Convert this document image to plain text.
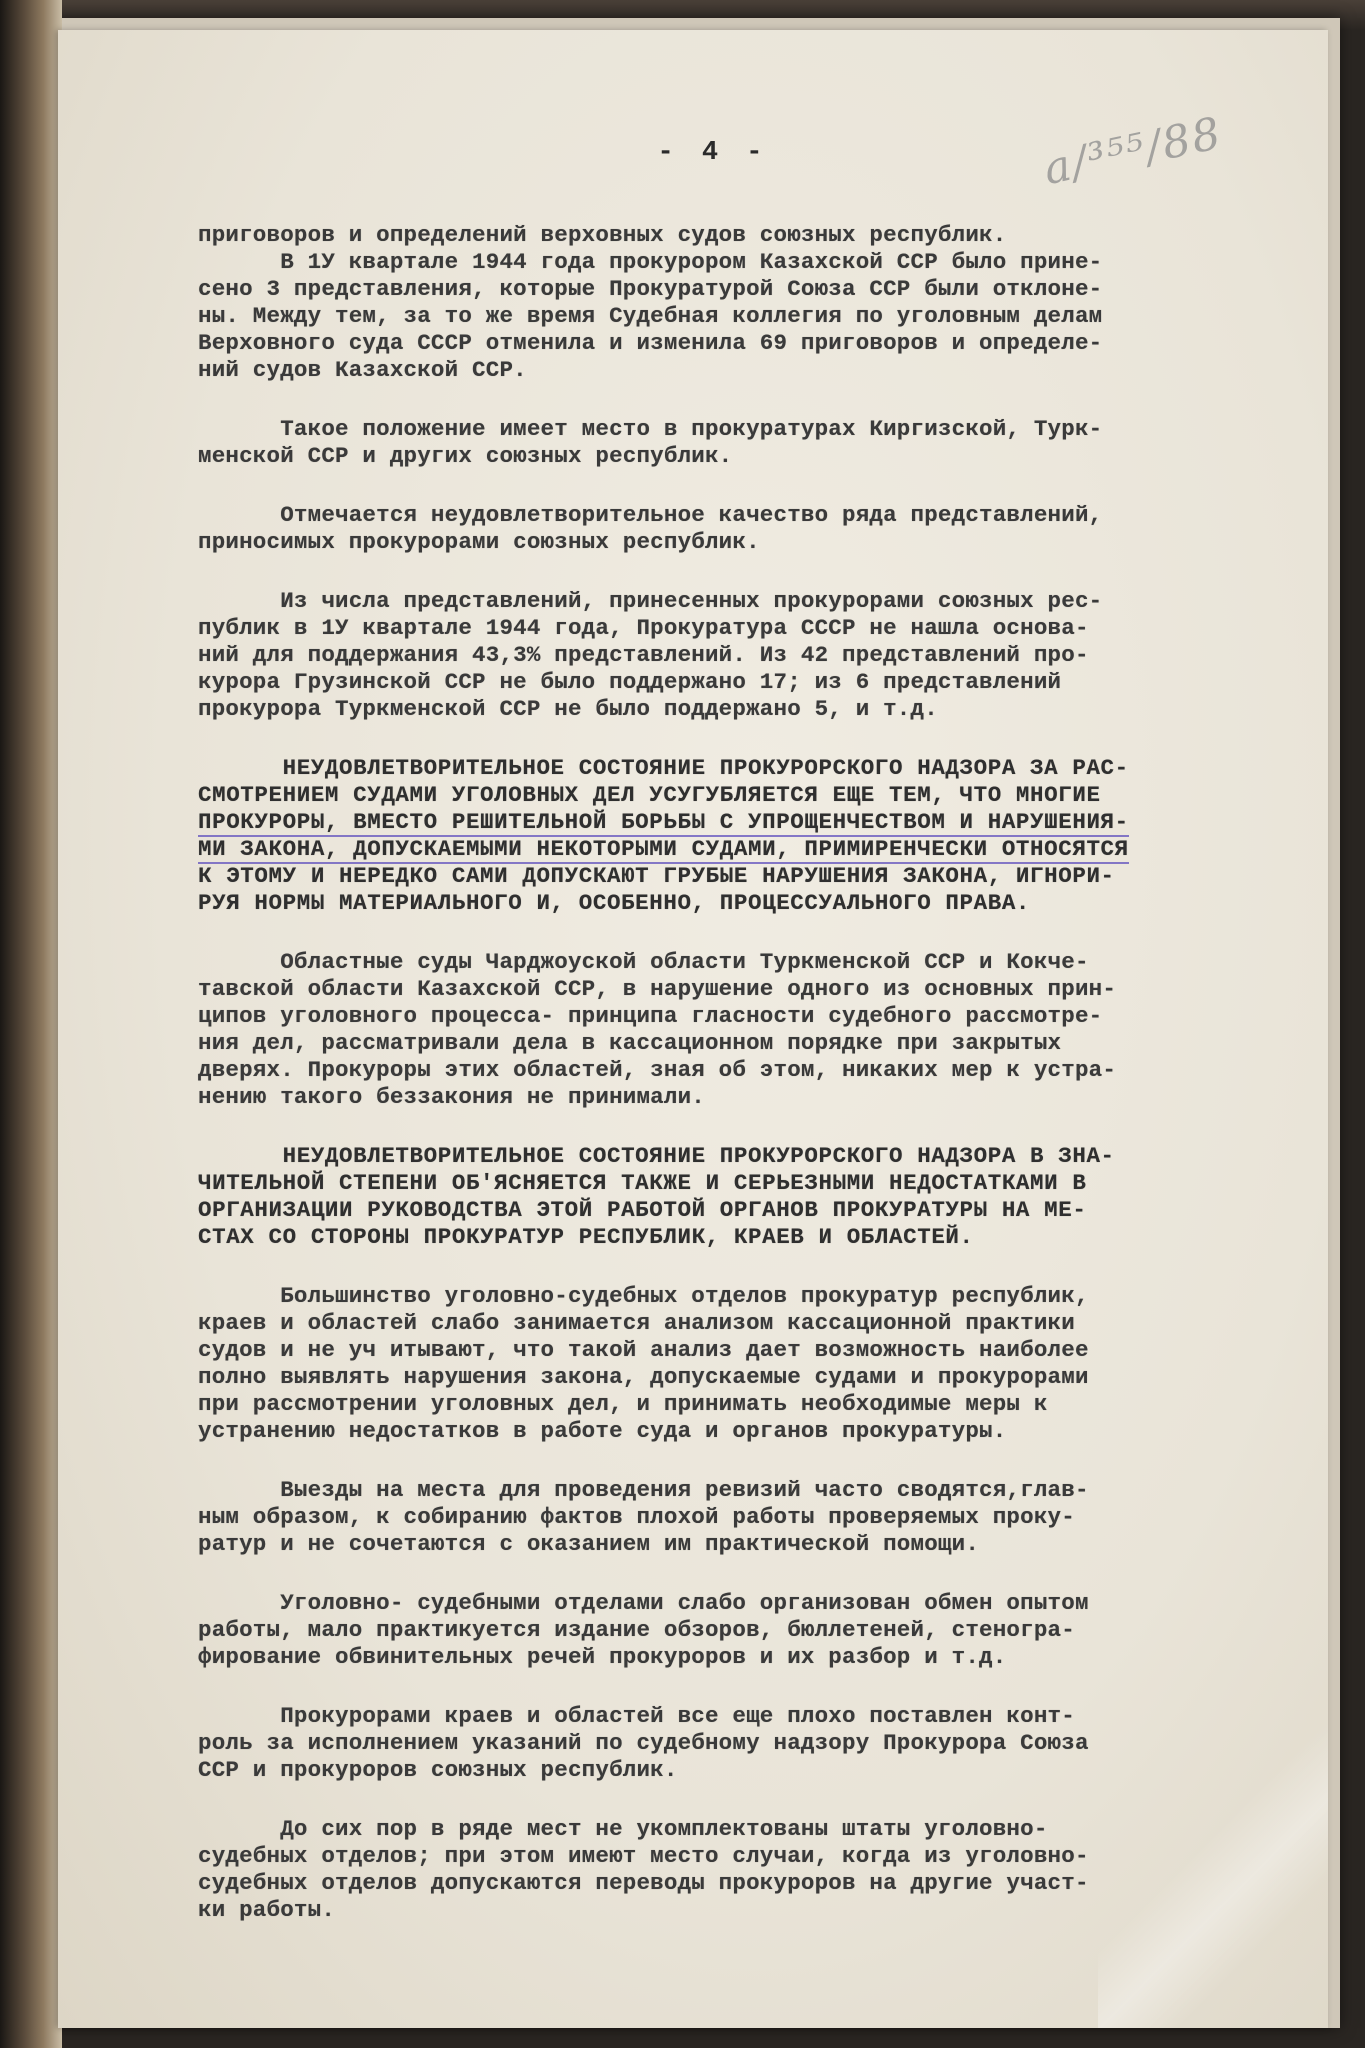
а/³⁵⁵/88
- 4 -
приговоров и определений верховных судов союзных республик.
В 1У квартале 1944 года прокурором Казахской ССР было прине-
сено 3 представления, которые Прокуратурой Союза ССР были отклоне-
ны. Между тем, за то же время Судебная коллегия по уголовным делам
Верховного суда СССР отменила и изменила 69 приговоров и определе-
ний судов Казахской ССР.
Такое положение имеет место в прокуратурах Киргизской, Турк-
менской ССР и других союзных республик.
Отмечается неудовлетворительное качество ряда представлений,
приносимых прокурорами союзных республик.
Из числа представлений, принесенных прокурорами союзных рес-
публик в 1У квартале 1944 года, Прокуратура СССР не нашла основа-
ний для поддержания 43,3% представлений. Из 42 представлений про-
курора Грузинской ССР не было поддержано 17; из 6 представлений
прокурора Туркменской ССР не было поддержано 5, и т.д.
НЕУДОВЛЕТВОРИТЕЛЬНОЕ СОСТОЯНИЕ ПРОКУРОРСКОГО НАДЗОРА ЗА РАС-
СМОТРЕНИЕМ СУДАМИ УГОЛОВНЫХ ДЕЛ УСУГУБЛЯЕТСЯ ЕЩЕ ТЕМ, ЧТО МНОГИЕ
ПРОКУРОРЫ, ВМЕСТО РЕШИТЕЛЬНОЙ БОРЬБЫ С УПРОЩЕНЧЕСТВОМ И НАРУШЕНИЯ-
МИ ЗАКОНА, ДОПУСКАЕМЫМИ НЕКОТОРЫМИ СУДАМИ, ПРИМИРЕНЧЕСКИ ОТНОСЯТСЯ
К ЭТОМУ И НЕРЕДКО САМИ ДОПУСКАЮТ ГРУБЫЕ НАРУШЕНИЯ ЗАКОНА, ИГНОРИ-
РУЯ НОРМЫ МАТЕРИАЛЬНОГО И, ОСОБЕННО, ПРОЦЕССУАЛЬНОГО ПРАВА.
Областные суды Чарджоуской области Туркменской ССР и Кокче-
тавской области Казахской ССР, в нарушение одного из основных прин-
ципов уголовного процесса- принципа гласности судебного рассмотре-
ния дел, рассматривали дела в кассационном порядке при закрытых
дверях. Прокуроры этих областей, зная об этом, никаких мер к устра-
нению такого беззакония не принимали.
НЕУДОВЛЕТВОРИТЕЛЬНОЕ СОСТОЯНИЕ ПРОКУРОРСКОГО НАДЗОРА В ЗНА-
ЧИТЕЛЬНОЙ СТЕПЕНИ ОБ'ЯСНЯЕТСЯ ТАКЖЕ И СЕРЬЕЗНЫМИ НЕДОСТАТКАМИ В
ОРГАНИЗАЦИИ РУКОВОДСТВА ЭТОЙ РАБОТОЙ ОРГАНОВ ПРОКУРАТУРЫ НА МЕ-
СТАХ СО СТОРОНЫ ПРОКУРАТУР РЕСПУБЛИК, КРАЕВ И ОБЛАСТЕЙ.
Большинство уголовно-судебных отделов прокуратур республик,
краев и областей слабо занимается анализом кассационной практики
судов и не уч итывают, что такой анализ дает возможность наиболее
полно выявлять нарушения закона, допускаемые судами и прокурорами
при рассмотрении уголовных дел, и принимать необходимые меры к
устранению недостатков в работе суда и органов прокуратуры.
Выезды на места для проведения ревизий часто сводятся,глав-
ным образом, к собиранию фактов плохой работы проверяемых проку-
ратур и не сочетаются с оказанием им практической помощи.
Уголовно- судебными отделами слабо организован обмен опытом
работы, мало практикуется издание обзоров, бюллетеней, стеногра-
фирование обвинительных речей прокуроров и их разбор и т.д.
Прокурорами краев и областей все еще плохо поставлен конт-
роль за исполнением указаний по судебному надзору Прокурора Союза
ССР и прокуроров союзных республик.
До сих пор в ряде мест не укомплектованы штаты уголовно-
судебных отделов; при этом имеют место случаи, когда из уголовно-
судебных отделов допускаются переводы прокуроров на другие участ-
ки работы.
